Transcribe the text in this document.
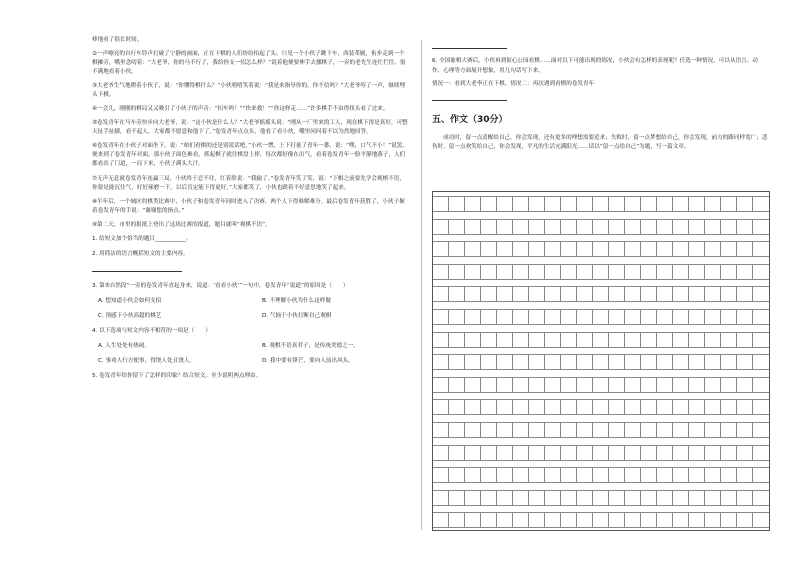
棒地看了很长时间。

②一声嘹亮的自行车铃声打破了宁静的画面，正在下棋的人们纷纷抬起了头。只见一个小伙子跳下车，西装革履，衔步走到一个棋摊旁，嘴里念叨着：“大老爷，你的马不行了，我给你支一招怎么样？”说着他便要伸手去挪棋子，一旁的老先生连忙拦住，很不满地看着小伙。

③大老爷生气地瞪着小伙子，说：“你懂得棋什么？”小伙嘻嘻笑着说：“我是来指导你的，你不信吗？”大老爷哼了一声，继续埋头下棋。

④一会儿，刚刚的棋局又又吸引了小伙子的声音：“扣车吗！”“快来救！”“你这样走……”许多棋手不由得扭头看了过来。

⑤卷发青年在马车旁快步向大老爷，说：“这小伙是什么人？”大老爷摇摇头说：“刚从一厂里来的工人，现在棋下得是真好，可整天扯手扯脚，看不起人，大家都不愿意和他下了。”卷发青年点点头，他看了看小伙，嘴里问问着不以为然地回答。

⑥卷发青年在小伙子对面坐下，说：“咱们看棋的还是别说话吧。”小伙一愣，上下打量了青年一番，说：“嘿，口气不小！”说罢，便来到了卷发青年对面，那小伙子面色难看，抓起棋子就往棋盘上摔，每次都好像在出气，看着卷发青年一脸平静地落子，人们都看出了门道，一局下来，小伙子满头大汗。

⑦无声无息就卷发青年连赢三局，小伙终于忍不住，红着脸说：“我输了。”卷发青年笑了笑，说：“下棋之前要先学会观棋不语，你要是能沉住气，好好琢磨一下，以后肯定能下得更好。”大家都笑了，小伙也跟着不好意思地笑了起来。

⑧半年后，一个城区的棋类比赛中，小伙子和卷发青年同时进入了决赛，两个人下得难解难分。最后卷发青年获胜了，小伙子握着卷发青年的手说：“谢谢您的指点。”

⑨第二天，市里的报纸上登出了这场比赛的报道，题目就叫“观棋不语”。

1. 给短文加个恰当的题目___________。

2. 用简洁的语言概括短文的主要内容。

3. 第⑤自然段“一旁的卷发青年直起身来，说道：‘看看小伙’”一句中，卷发青年“说道”的原因是（　　）

A. 想知道小伙会如何支招	B. 不理解小伙为什么这样做
C. 预感下小伙高超的棋艺	D. 气恼于小伙打断自己观棋

4. 以下选项与短文内容不相符的一项是（　　）

A. 人生处处有热闹。	B. 观棋不语真君子，是传统美德之一。
C. 事劝人行方便事，得饶人处且饶人。	D. 我中要有锋芒，要向人前出风头。

5. 卷发青年给你留下了怎样的印象？结合短文，至少说明两点理由。

6. 全国象棋大赛后，小伙再到街心公园看棋……面对以下可能出现的情况，小伙会有怎样的表现呢？任选一种情况，可以从语言、动作、心理等方面展开想象，用几句话写下来。

情况一：看到大老李正在下棋。情况二：再次遇到看棋的卷发青年

五、作文（30分）

成功时，留一点清醒给自己，你会发现，还有更多的理想需要追求；失败时，留一点梦想给自己，你会发现，前方的路同样宽广；悲伤时，留一点欢笑给自己，你会发现，平凡的生活充满阳光……请以“留一点给自己”为题，写一篇文章。
